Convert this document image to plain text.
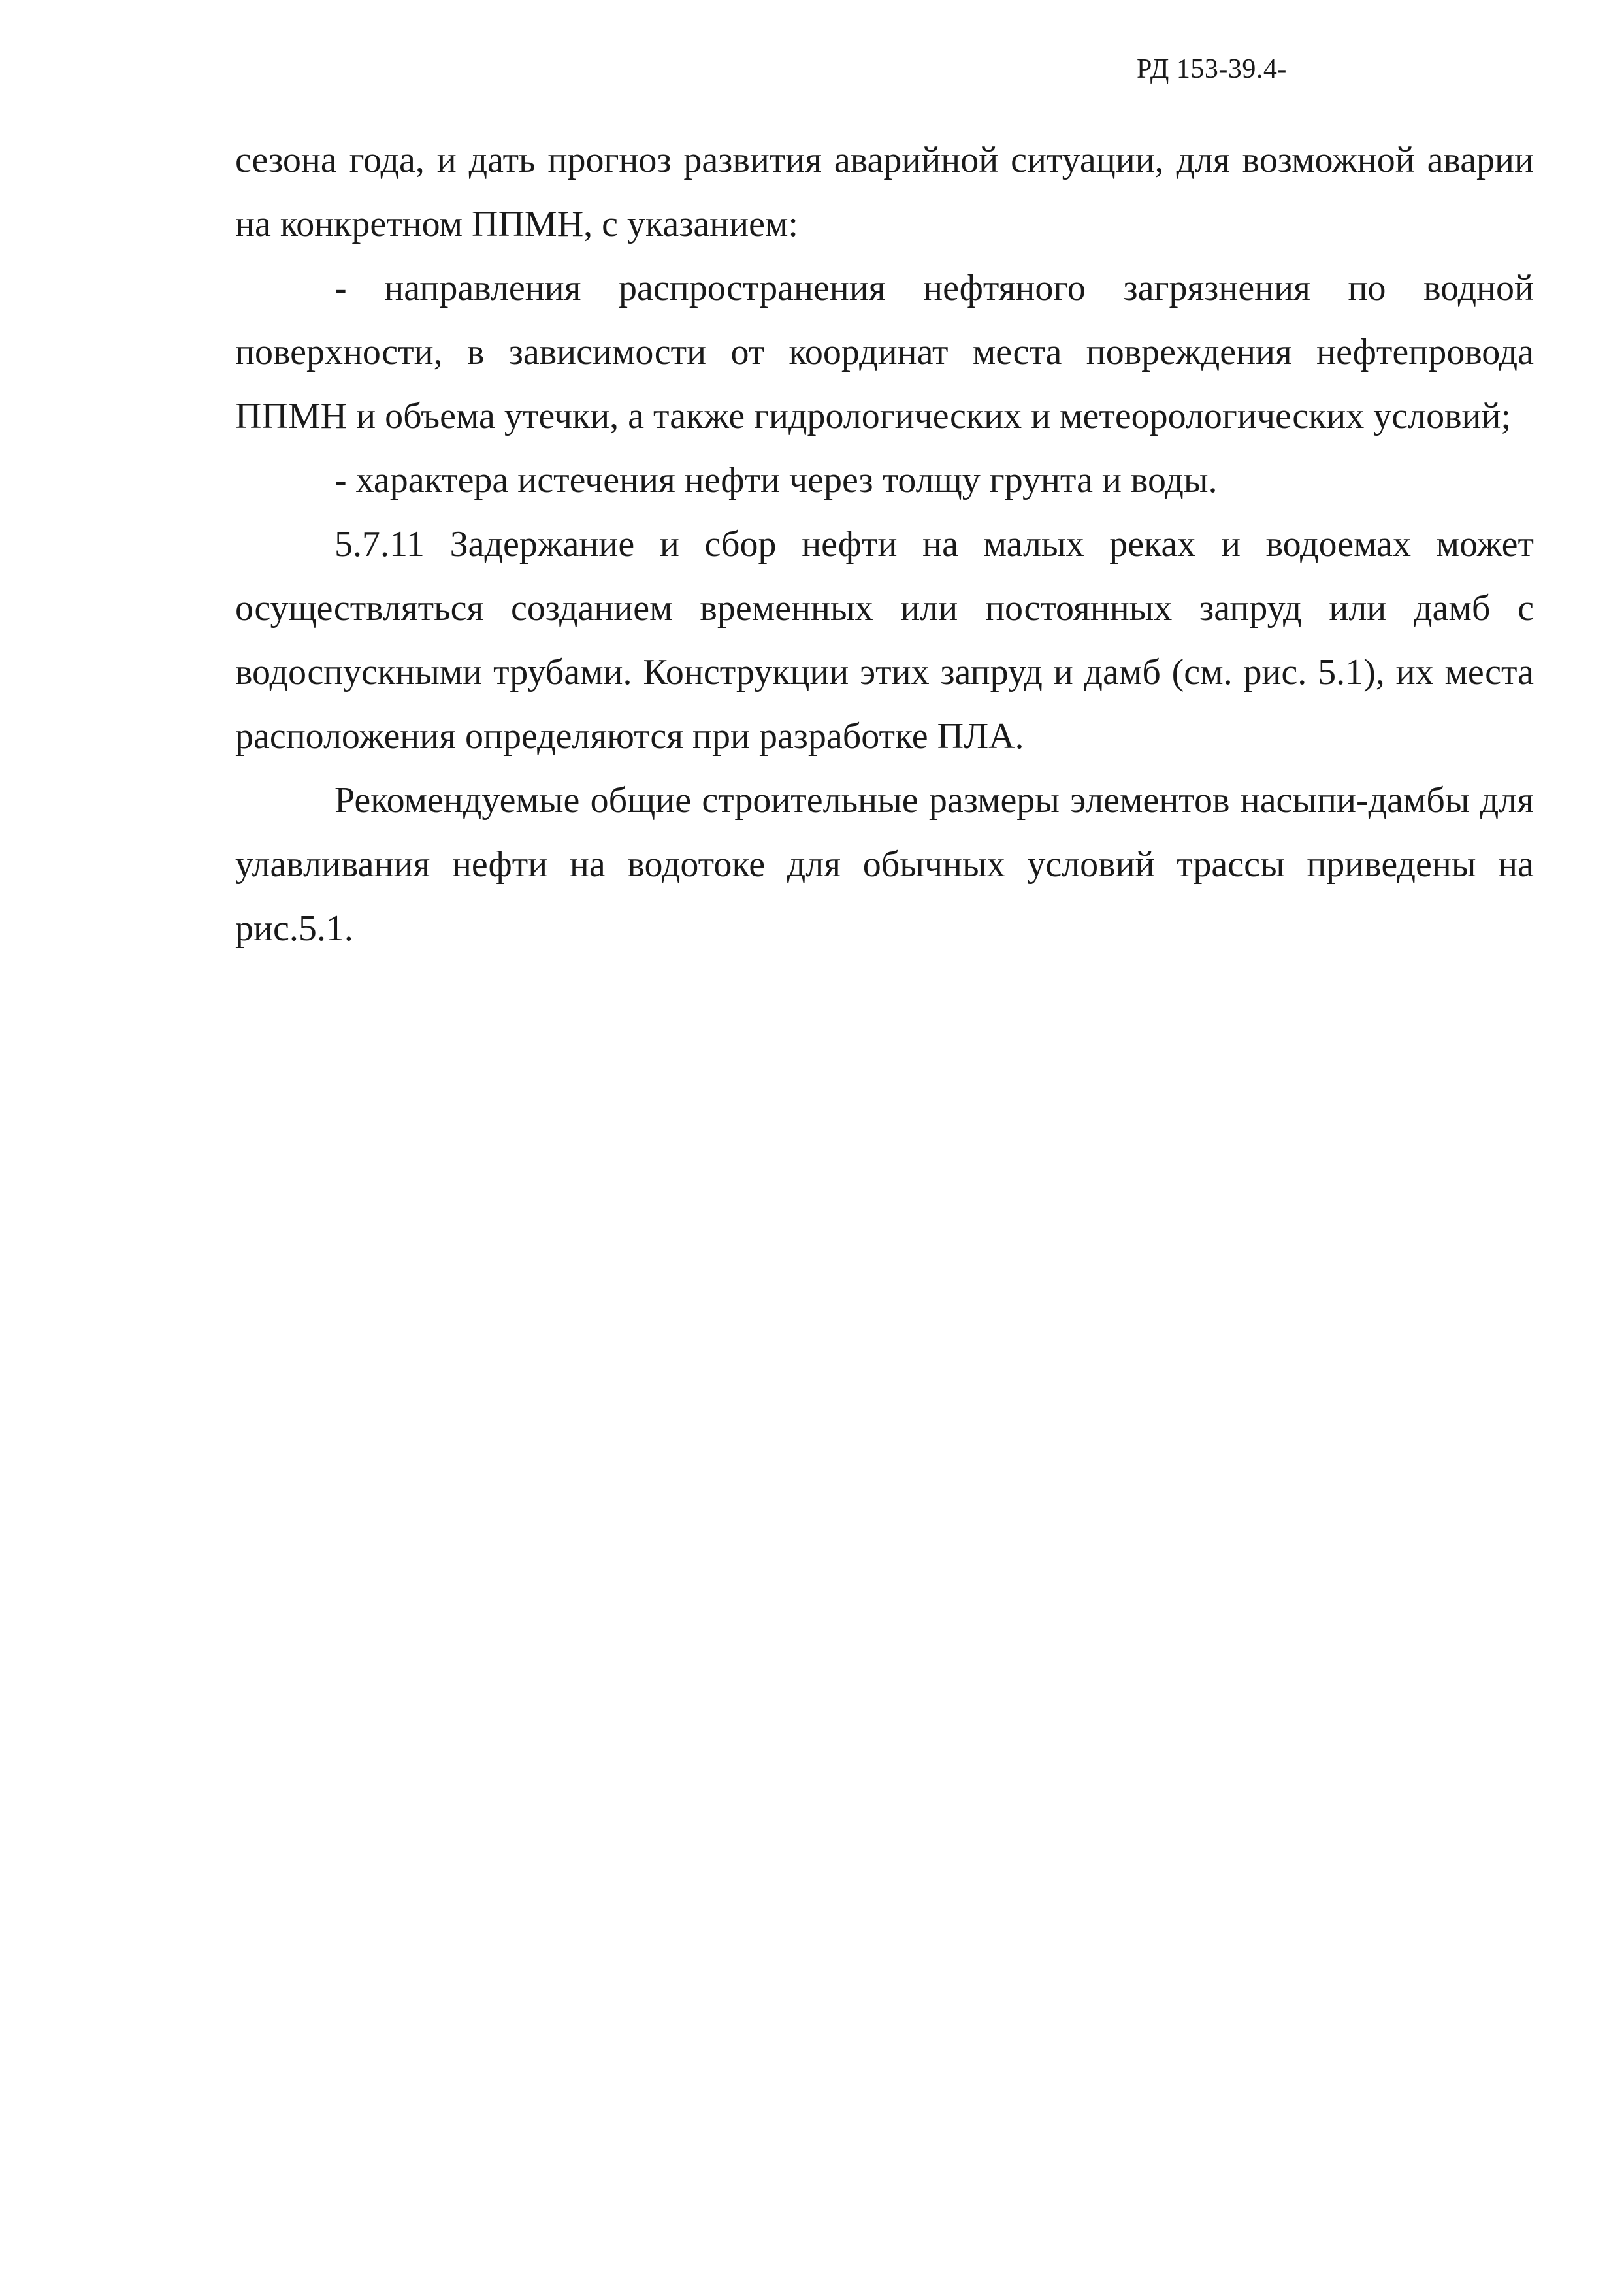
РД 153-39.4-

сезона года, и дать прогноз развития аварийной ситуации, для возможной аварии на конкретном ППМН, с указанием:

- направления распространения нефтяного загрязнения по водной поверхности, в зависимости от координат места повреждения нефтепровода ППМН и объема утечки, а также гидрологических и метеорологических условий;

- характера истечения нефти через толщу грунта и воды.

5.7.11 Задержание и сбор нефти на малых реках и водоемах может осуществляться созданием временных или постоянных запруд или дамб с водоспускными трубами. Конструкции этих запруд и дамб (см. рис. 5.1), их места расположения определяются при разработке ПЛА.

Рекомендуемые общие строительные размеры элементов насыпи-дамбы для улавливания нефти на водотоке для обычных условий трассы приведены на рис.5.1.
